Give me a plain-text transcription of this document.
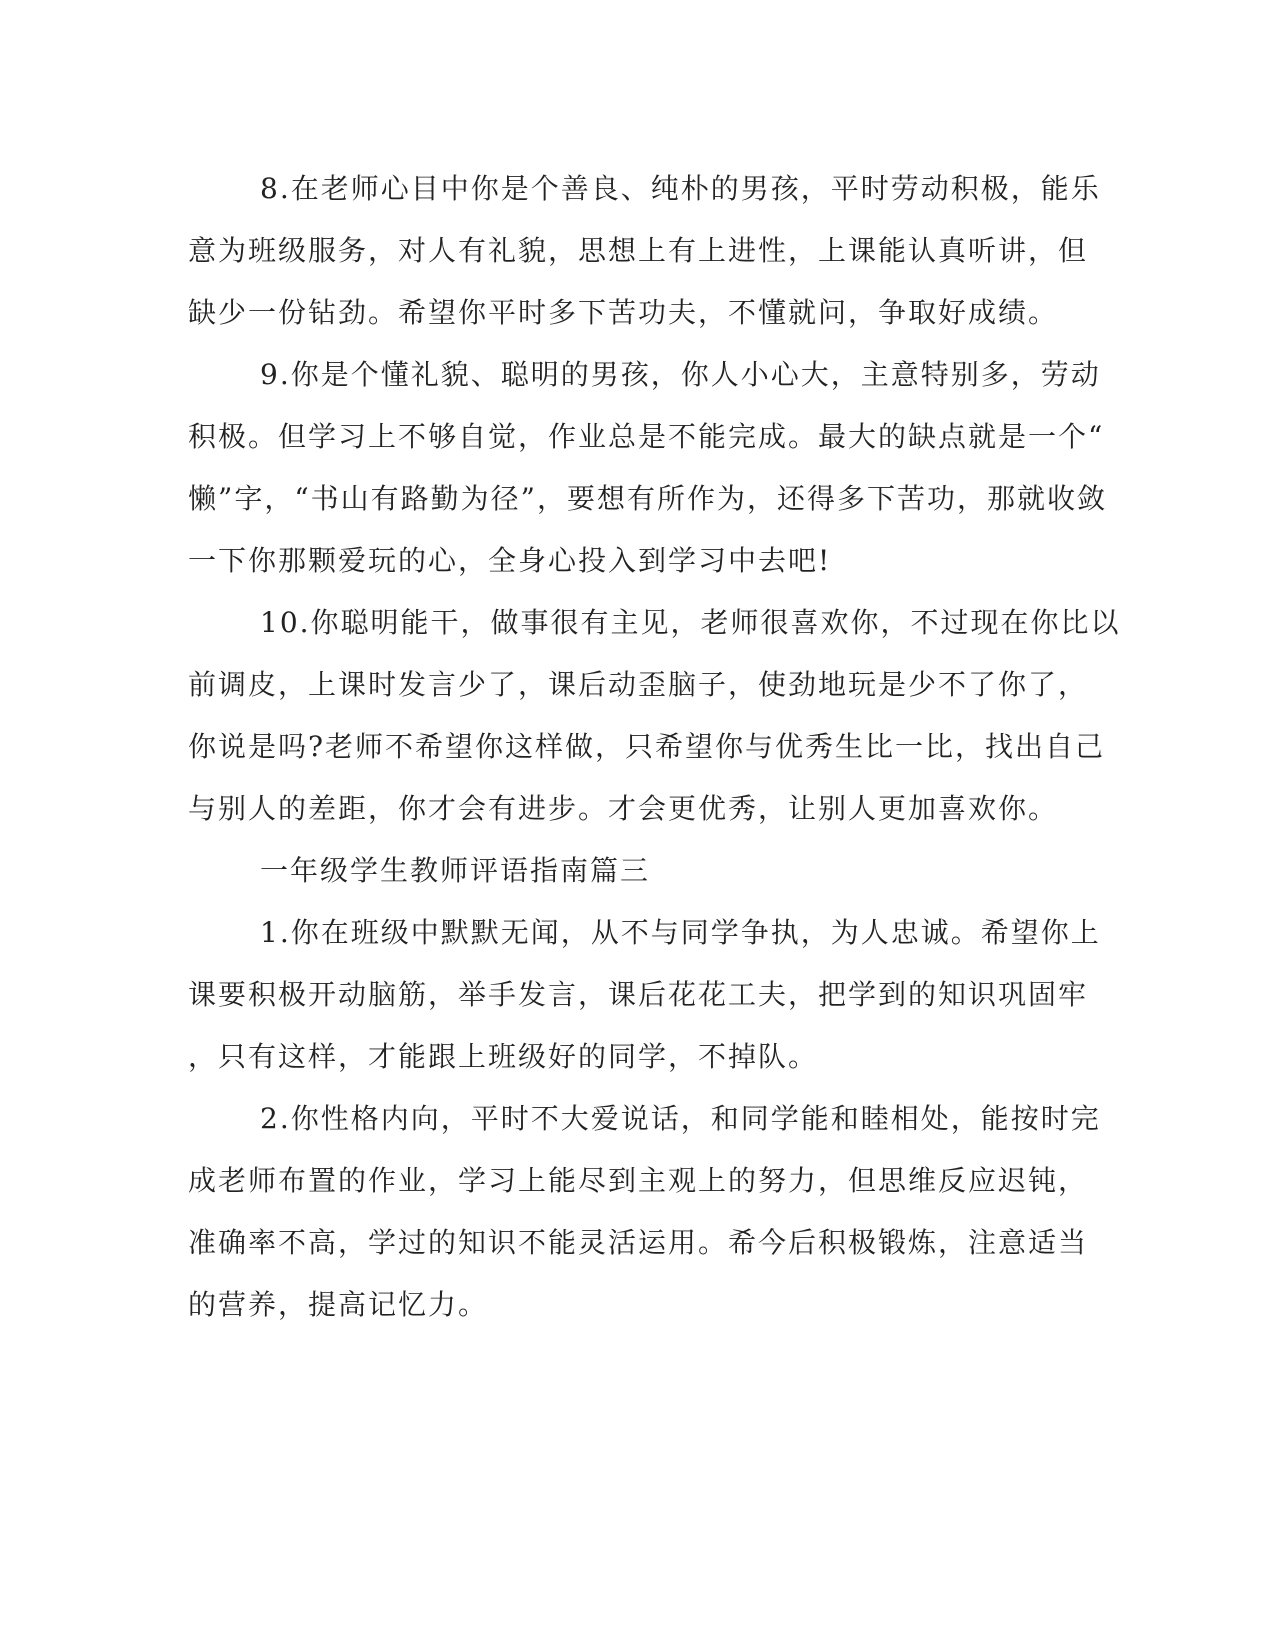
8.在老师心目中你是个善良、纯朴的男孩，平时劳动积极，能乐
意为班级服务，对人有礼貌，思想上有上进性，上课能认真听讲，但
缺少一份钻劲。希望你平时多下苦功夫，不懂就问，争取好成绩。

9.你是个懂礼貌、聪明的男孩，你人小心大，主意特别多，劳动
积极。但学习上不够自觉，作业总是不能完成。最大的缺点就是一个“
懒”字，“书山有路勤为径”，要想有所作为，还得多下苦功，那就收敛
一下你那颗爱玩的心，全身心投入到学习中去吧!

10.你聪明能干，做事很有主见，老师很喜欢你，不过现在你比以
前调皮，上课时发言少了，课后动歪脑子，使劲地玩是少不了你了，
你说是吗?老师不希望你这样做，只希望你与优秀生比一比，找出自己
与别人的差距，你才会有进步。才会更优秀，让别人更加喜欢你。

一年级学生教师评语指南篇三

1.你在班级中默默无闻，从不与同学争执，为人忠诚。希望你上
课要积极开动脑筋，举手发言，课后花花工夫，把学到的知识巩固牢
，只有这样，才能跟上班级好的同学，不掉队。

2.你性格内向，平时不大爱说话，和同学能和睦相处，能按时完
成老师布置的作业，学习上能尽到主观上的努力，但思维反应迟钝，
准确率不高，学过的知识不能灵活运用。希今后积极锻炼，注意适当
的营养，提高记忆力。
